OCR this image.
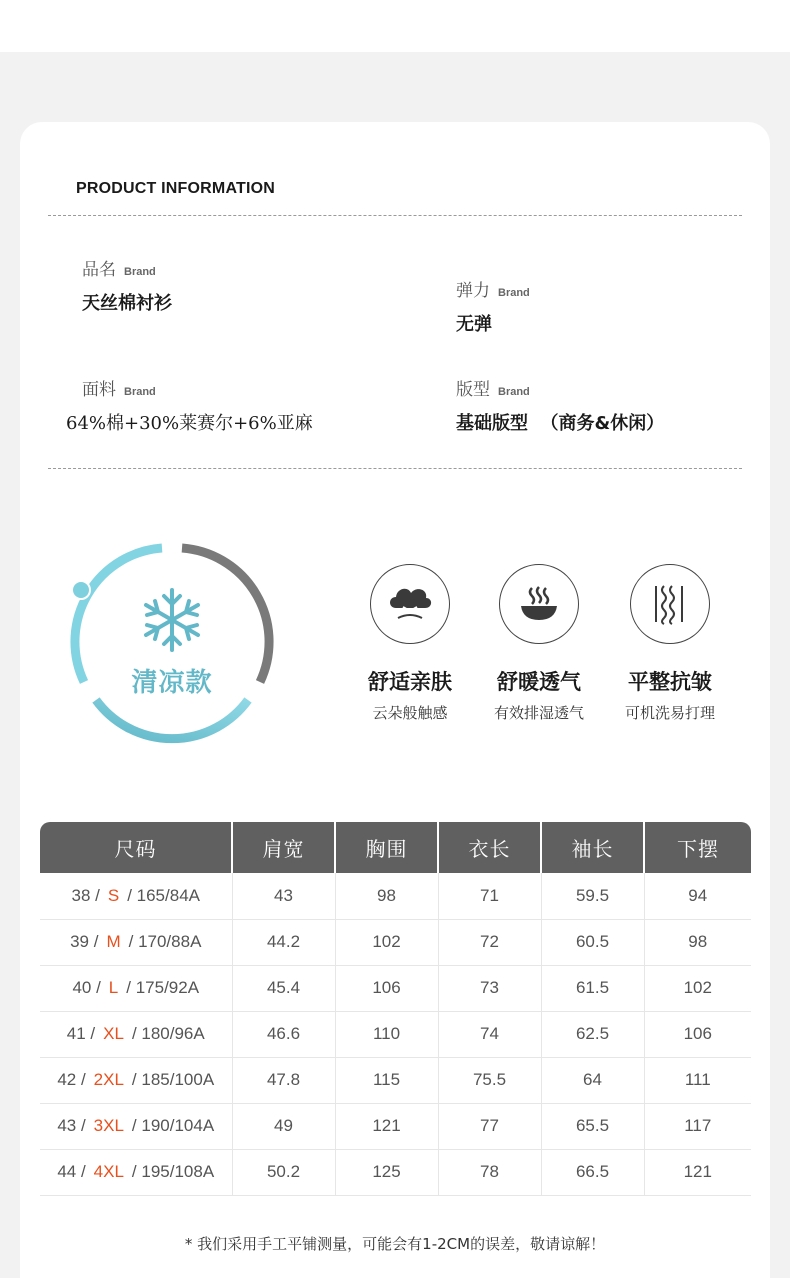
PRODUCT INFORMATION
品名 Brand
天丝棉衬衫
弹力 Brand
无弹
面料 Brand
64%棉+30%莱赛尔+6%亚麻
版型 Brand
基础版型  （商务&休闲）
清凉款	舒适亲肤
云朵般触感
舒暖透气
有效排湿透气
平整抗皱
可机洗易打理
尺码	肩宽	胸围	衣长	袖长	下摆
38 / S / 165/84A	43	98	71	59.5	94
39 / M / 170/88A	44.2	102	72	60.5	98
40 / L / 175/92A	45.4	106	73	61.5	102
41 / XL / 180/96A	46.6	110	74	62.5	106
42 / 2XL / 185/100A	47.8	115	75.5	64	111
43 / 3XL / 190/104A	49	121	77	65.5	117
44 / 4XL / 195/108A	50.2	125	78	66.5	121
* 我们采用手工平铺测量，可能会有1-2CM的误差，敬请谅解！
